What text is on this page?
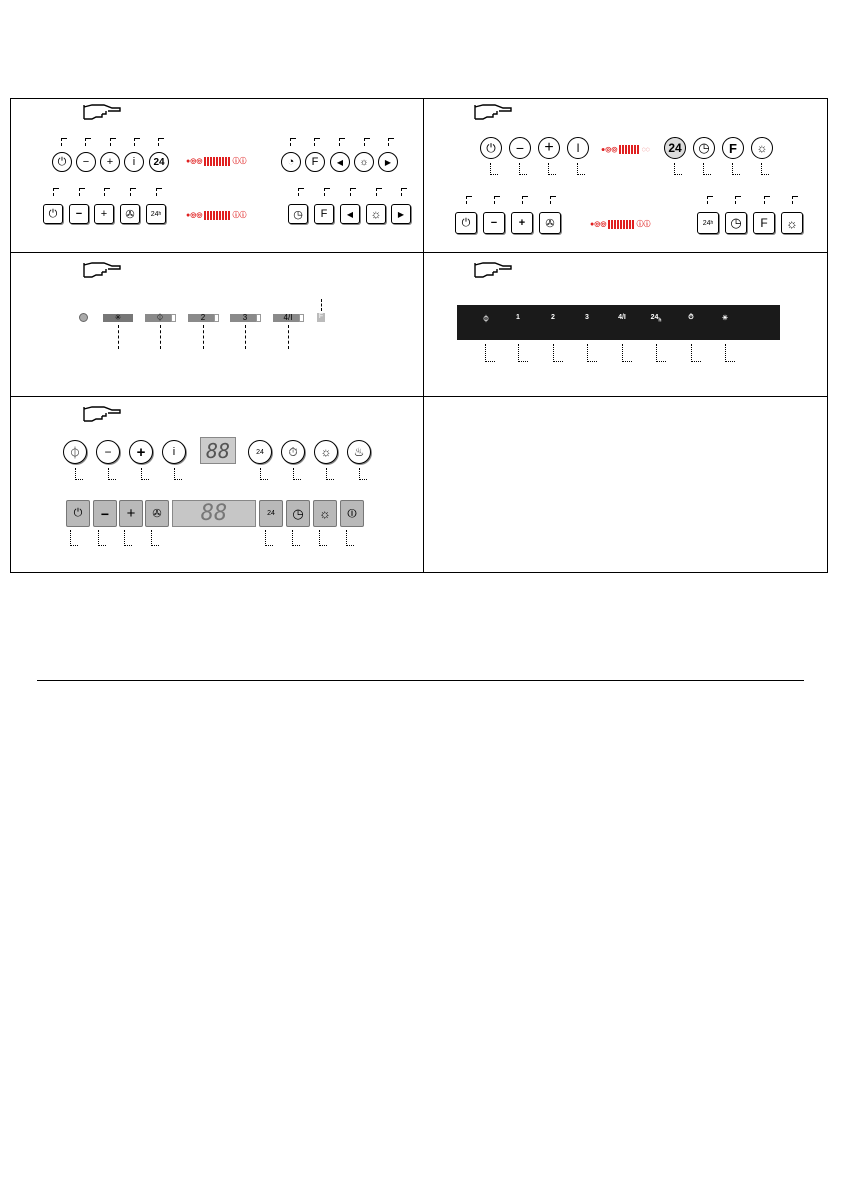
⏻ − + i 24	●◎◎	ⓘⓘ	◔ F ◀ ☼ ▶
⏻ − + ✇ 24 h	●◎◎	ⓘⓘ	◷ F ◀ ☼ ▶
⏻ − + ǀ	●◎◎	◌◌ 24 ◷ F ☼
⏻ − + ✇	●◎◎	ⓘⓘ	24 h ◷ F ☼
✳	⏀	2	3	4/I	F	⏀	1	2	3	4/I	$24_h$	⏱	☀
⏀ − + i 88	24 ⏱ ☼ ♨
⏻ − + ✇ 88	24 ◷ ☼ ⏼
